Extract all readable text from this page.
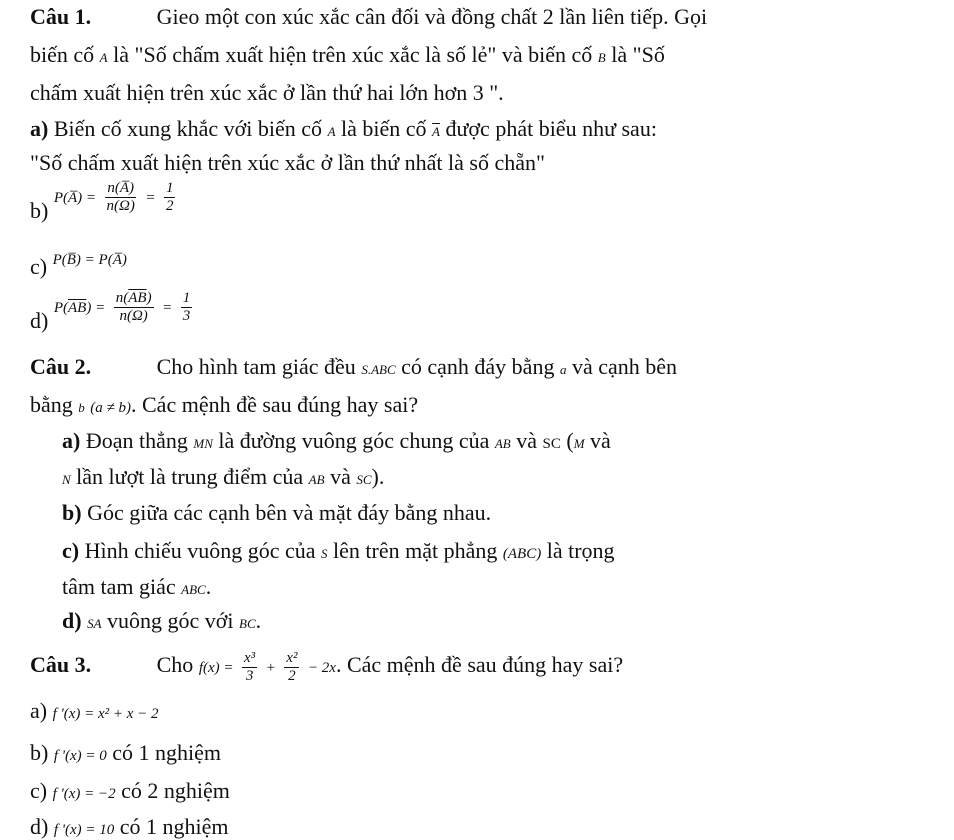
Câu 1.	Gieo một con xúc xắc cân đối và đồng chất 2 lần liên tiếp. Gọi
biến cố A là "Số chấm xuất hiện trên xúc xắc là số lẻ" và biến cố B là "Số
chấm xuất hiện trên xúc xắc ở lần thứ hai lớn hơn 3 ".
a) Biến cố xung khắc với biến cố A là biến cố $\overline{A}$ được phát biểu như sau:
"Số chấm xuất hiện trên xúc xắc ở lần thứ nhất là số chẵn"
b) P(A̅) = $\frac{n(A̅)}{n(\Omega)} = \frac{1}{2}$
c) P(B̅) = P(A̅)
d) $P(\overline{A}\overline{B}) = \frac{n(\overline{A}\overline{B})}{n(\Omega)} = \frac{1}{3}$
Câu 2.	Cho hình tam giác đều S.ABC có cạnh đáy bằng a và cạnh bên
bằng b (a ≠ b). Các mệnh đề sau đúng hay sai?
a) Đoạn thẳng MN là đường vuông góc chung của AB và SC (M và
N lần lượt là trung điểm của AB và SC).
b) Góc giữa các cạnh bên và mặt đáy bằng nhau.
c) Hình chiếu vuông góc của S lên trên mặt phẳng (ABC) là trọng
tâm tam giác ABC.
d) SA vuông góc với BC.
Câu 3.	Cho $f(x) = \frac{\text{x³}}{3} + \frac{\text{x²}}{2} - 2x$. Các mệnh đề sau đúng hay sai?
a) f '(x) = x² + x − 2
b) f '(x) = 0 có 1 nghiệm
c) f '(x) = −2 có 2 nghiệm
d) f '(x) = 10 có 1 nghiệm
